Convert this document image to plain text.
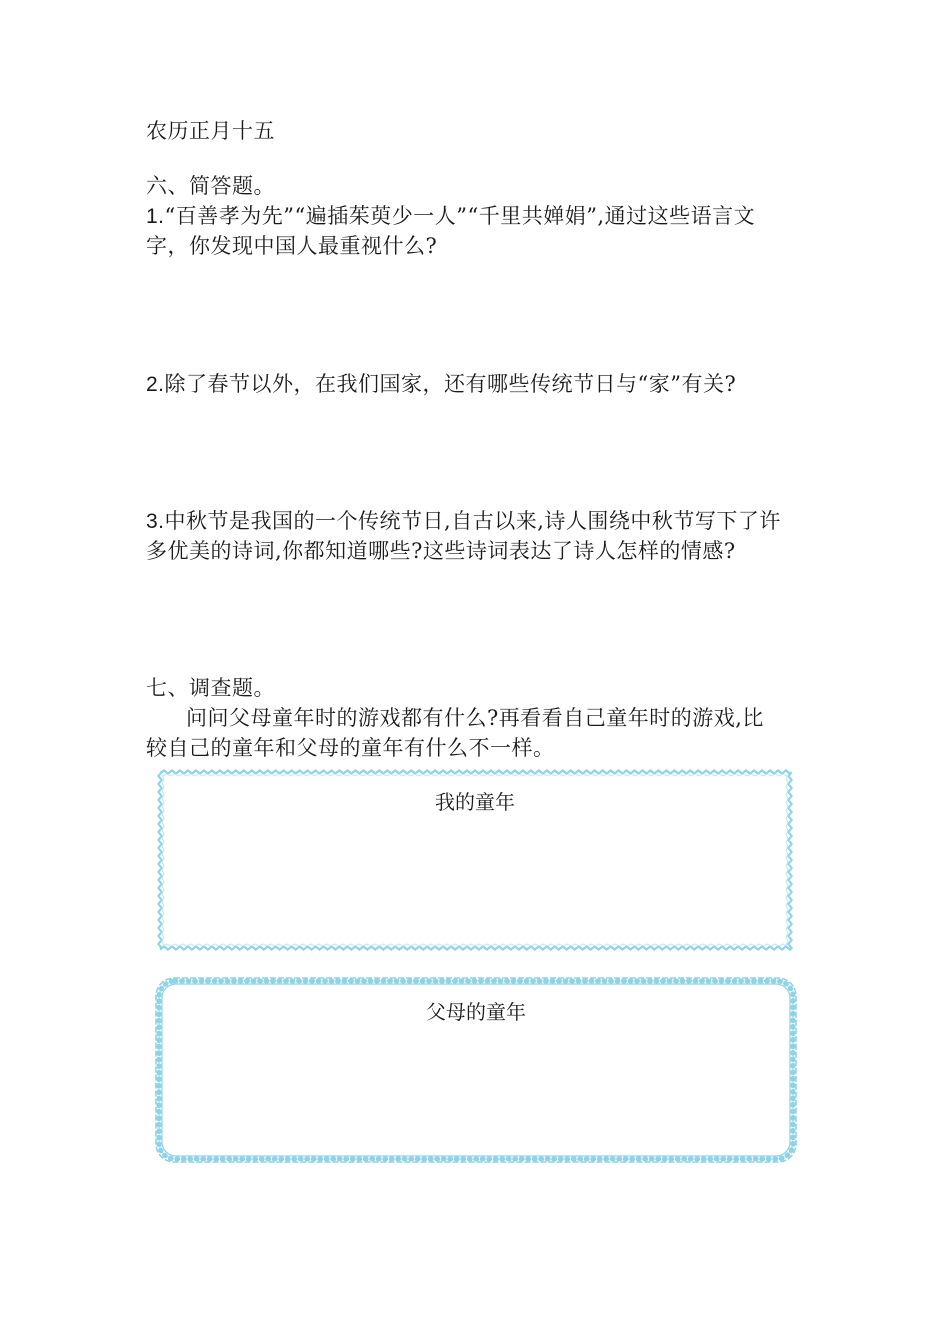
农历正月十五
六、简答题。
1.“百善孝为先”“遍插茱萸少一人”“千里共婵娟”,通过这些语言文
字，你发现中国人最重视什么?
2.除了春节以外，在我们国家，还有哪些传统节日与“家”有关?
3.中秋节是我国的一个传统节日,自古以来,诗人围绕中秋节写下了许
多优美的诗词,你都知道哪些?这些诗词表达了诗人怎样的情感?
七、调查题。
问问父母童年时的游戏都有什么?再看看自己童年时的游戏,比
较自己的童年和父母的童年有什么不一样。
我的童年
父母的童年
